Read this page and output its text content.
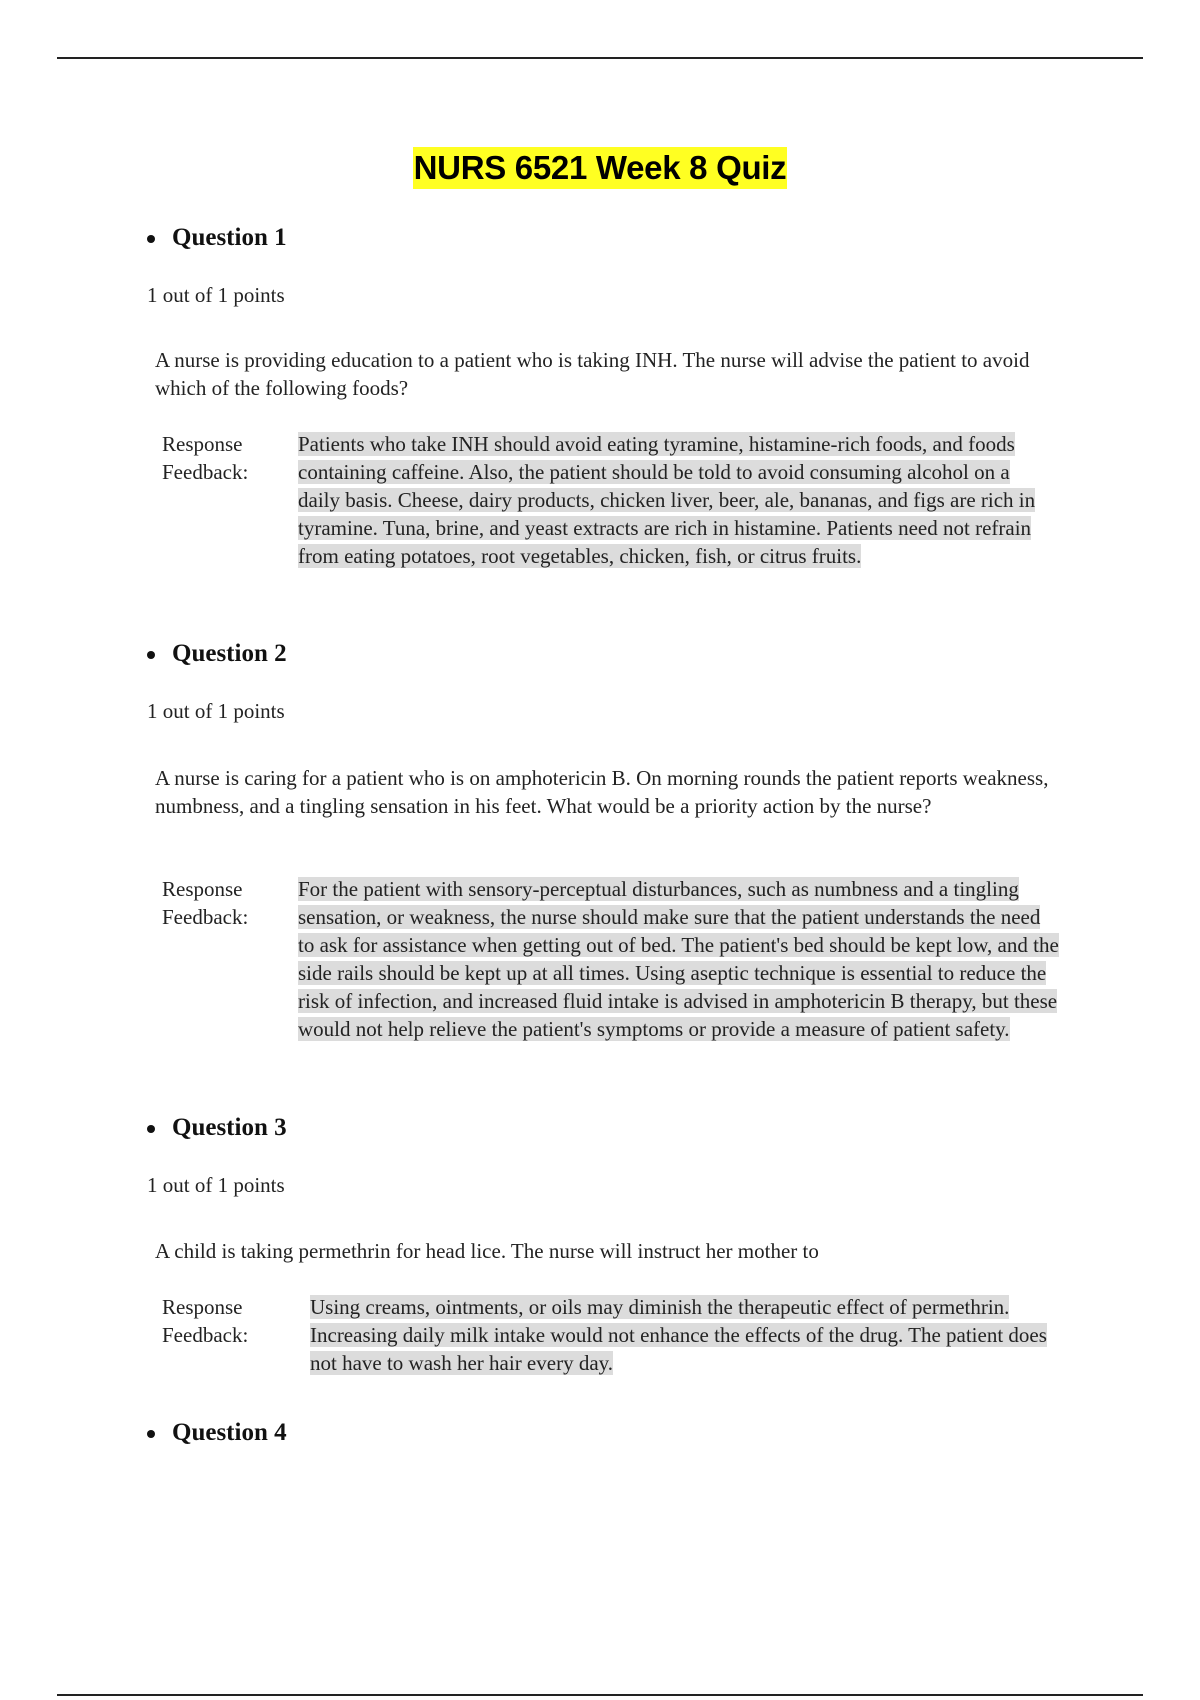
NURS 6521 Week 8 Quiz
Question 1
1 out of 1 points
A nurse is providing education to a patient who is taking INH. The nurse will advise the patient to avoid which of the following foods?
Response Feedback:
Patients who take INH should avoid eating tyramine, histamine-rich foods, and foods containing caffeine. Also, the patient should be told to avoid consuming alcohol on a daily basis. Cheese, dairy products, chicken liver, beer, ale, bananas, and figs are rich in tyramine. Tuna, brine, and yeast extracts are rich in histamine. Patients need not refrain from eating potatoes, root vegetables, chicken, fish, or citrus fruits.
Question 2
1 out of 1 points
A nurse is caring for a patient who is on amphotericin B. On morning rounds the patient reports weakness, numbness, and a tingling sensation in his feet. What would be a priority action by the nurse?
Response Feedback:
For the patient with sensory-perceptual disturbances, such as numbness and a tingling sensation, or weakness, the nurse should make sure that the patient understands the need to ask for assistance when getting out of bed. The patient's bed should be kept low, and the side rails should be kept up at all times. Using aseptic technique is essential to reduce the risk of infection, and increased fluid intake is advised in amphotericin B therapy, but these would not help relieve the patient's symptoms or provide a measure of patient safety.
Question 3
1 out of 1 points
A child is taking permethrin for head lice. The nurse will instruct her mother to
Response Feedback:
Using creams, ointments, or oils may diminish the therapeutic effect of permethrin. Increasing daily milk intake would not enhance the effects of the drug. The patient does not have to wash her hair every day.
Question 4
